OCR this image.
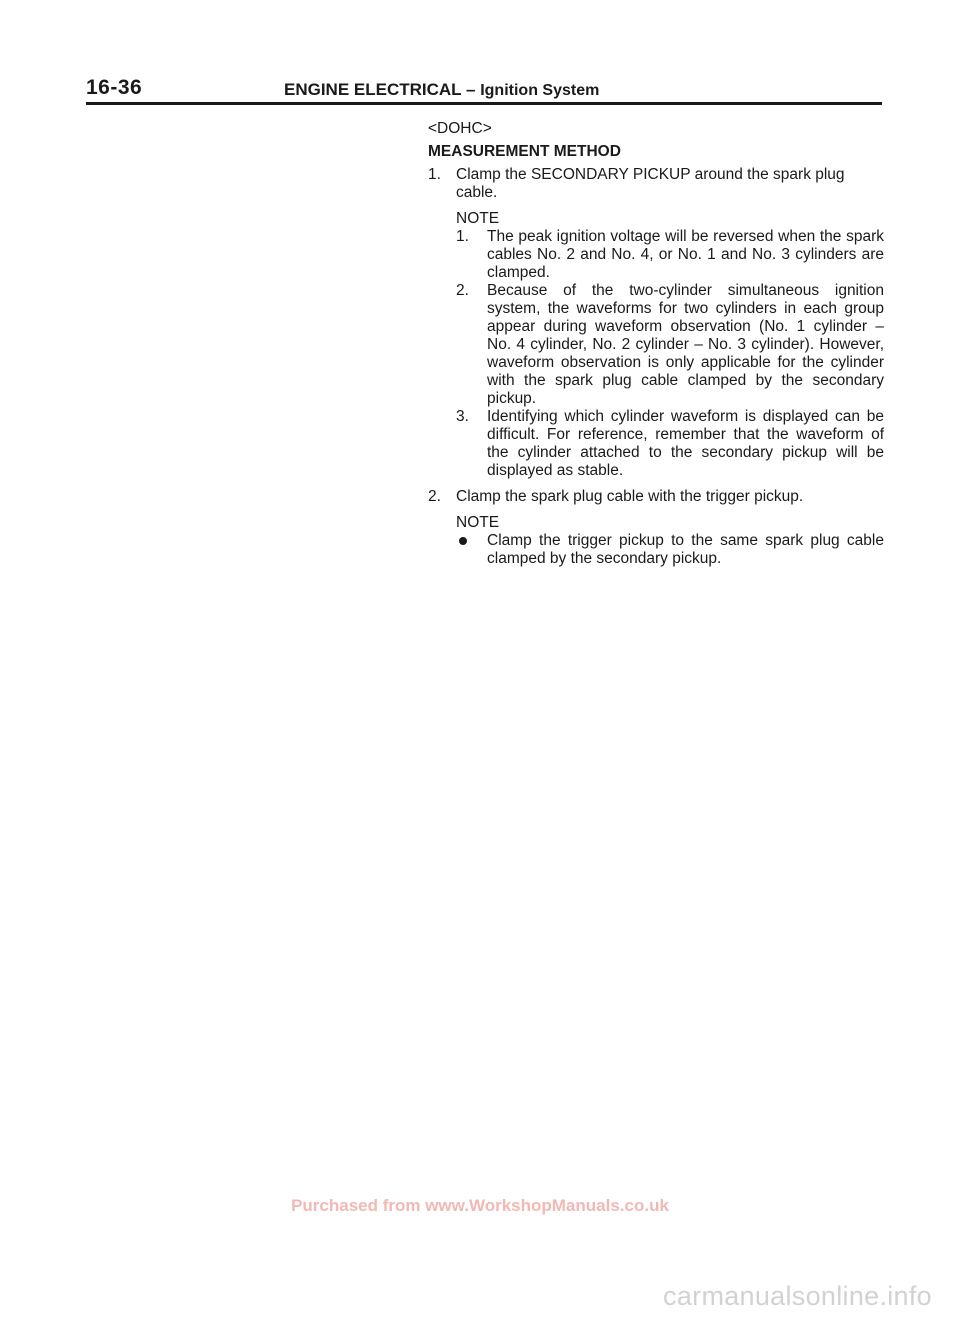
16-36	ENGINE ELECTRICAL – Ignition System

<DOHC>

MEASUREMENT METHOD

1. Clamp the SECONDARY PICKUP around the spark plug cable.

NOTE

1. The peak ignition voltage will be reversed when the spark cables No. 2 and No. 4, or No. 1 and No. 3 cylinders are clamped.

2. Because of the two-cylinder simultaneous ignition system, the waveforms for two cylinders in each group appear during waveform observation (No. 1 cylinder – No. 4 cylinder, No. 2 cylinder – No. 3 cylinder). However, waveform observation is only applicable for the cylinder with the spark plug cable clamped by the secondary pickup.

3. Identifying which cylinder waveform is displayed can be difficult. For reference, remember that the waveform of the cylinder attached to the secondary pickup will be displayed as stable.

2. Clamp the spark plug cable with the trigger pickup.

NOTE

Clamp the trigger pickup to the same spark plug cable clamped by the secondary pickup.

Purchased from www.WorkshopManuals.co.uk
carmanualsonline.info
